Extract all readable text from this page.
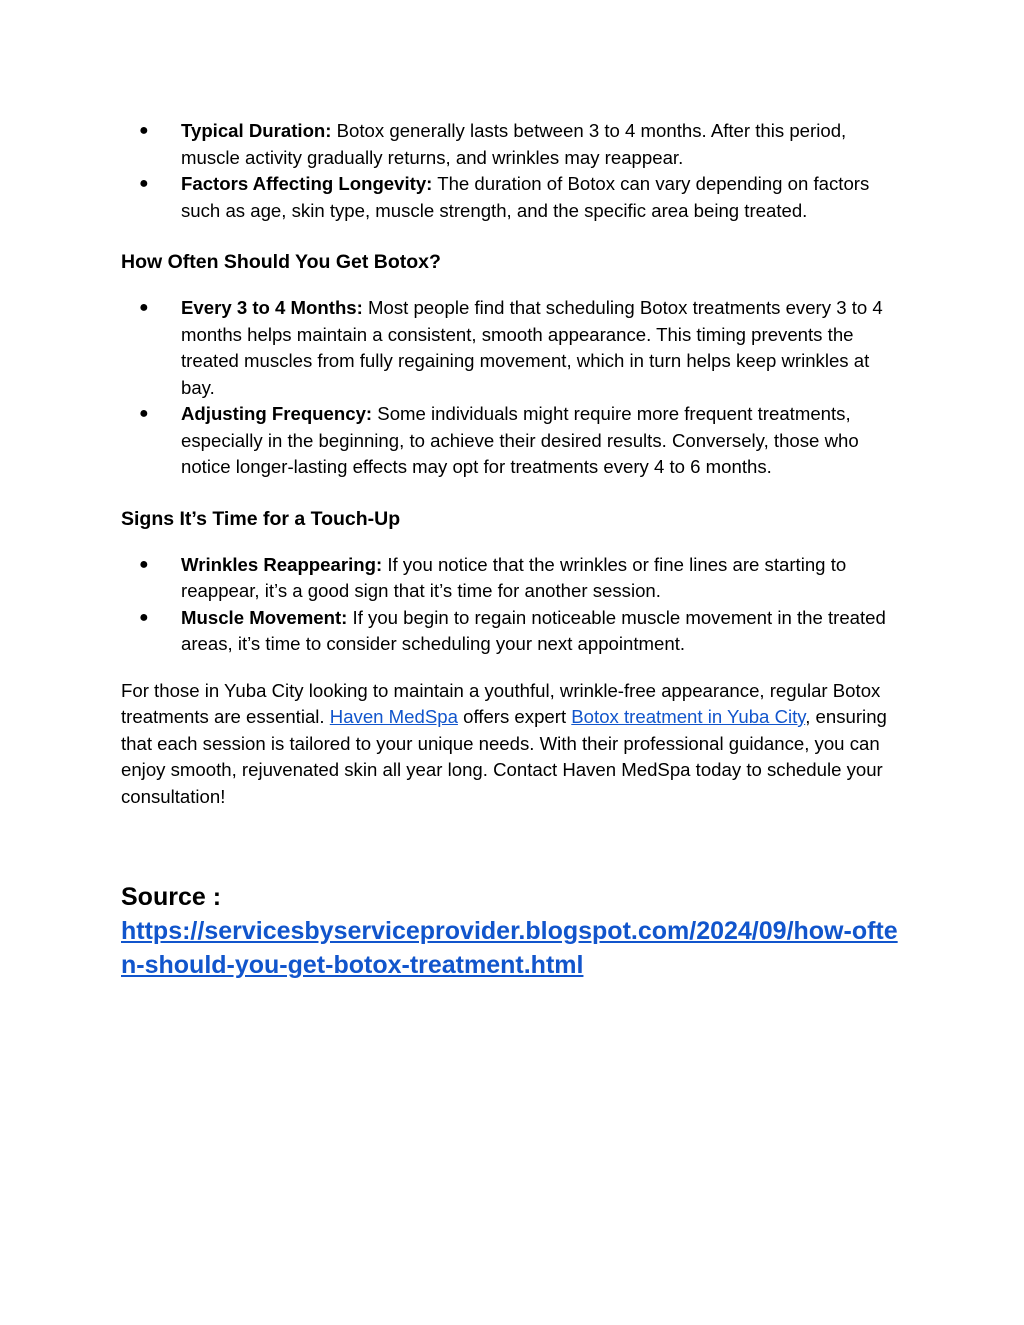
● Typical Duration: Botox generally lasts between 3 to 4 months. After this period, muscle activity gradually returns, and wrinkles may reappear.
● Factors Affecting Longevity: The duration of Botox can vary depending on factors such as age, skin type, muscle strength, and the specific area being treated.
How Often Should You Get Botox?
● Every 3 to 4 Months: Most people find that scheduling Botox treatments every 3 to 4 months helps maintain a consistent, smooth appearance. This timing prevents the treated muscles from fully regaining movement, which in turn helps keep wrinkles at bay.
● Adjusting Frequency: Some individuals might require more frequent treatments, especially in the beginning, to achieve their desired results. Conversely, those who notice longer-lasting effects may opt for treatments every 4 to 6 months.
Signs It’s Time for a Touch-Up
● Wrinkles Reappearing: If you notice that the wrinkles or fine lines are starting to reappear, it’s a good sign that it’s time for another session.
● Muscle Movement: If you begin to regain noticeable muscle movement in the treated areas, it’s time to consider scheduling your next appointment.

For those in Yuba City looking to maintain a youthful, wrinkle-free appearance, regular Botox treatments are essential. Haven MedSpa offers expert Botox treatment in Yuba City, ensuring that each session is tailored to your unique needs. With their professional guidance, you can enjoy smooth, rejuvenated skin all year long. Contact Haven MedSpa today to schedule your consultation!

Source :

https://servicesbyserviceprovider.blogspot.com/2024/09/how-often-should-you-get-botox-treatment.html
